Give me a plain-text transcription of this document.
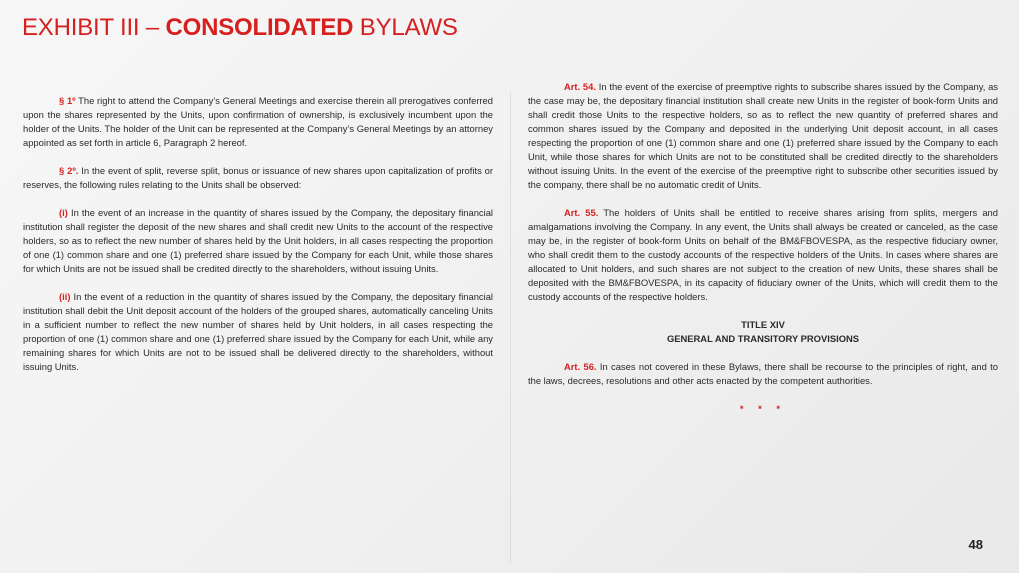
EXHIBIT III – CONSOLIDATED BYLAWS

§ 1º The right to attend the Company’s General Meetings and exercise therein all prerogatives conferred upon the shares represented by the Units, upon confirmation of ownership, is exclusively incumbent upon the holder of the Units. The holder of the Unit can be represented at the Company’s General Meetings by an attorney appointed as set forth in article 6, Paragraph 2 hereof.

§ 2º. In the event of split, reverse split, bonus or issuance of new shares upon capitalization of profits or reserves, the following rules relating to the Units shall be observed:

(i) In the event of an increase in the quantity of shares issued by the Company, the depositary financial institution shall register the deposit of the new shares and shall credit new Units to the account of the respective holders, so as to reflect the new number of shares held by the Unit holders, in all cases respecting the proportion of one (1) common share and one (1) preferred share issued by the Company for each Unit, while those shares for which Units are not be issued shall be credited directly to the shareholders, without issuing Units.

(ii) In the event of a reduction in the quantity of shares issued by the Company, the depositary financial institution shall debit the Unit deposit account of the holders of the grouped shares, automatically canceling Units in a sufficient number to reflect the new number of shares held by Unit holders, in all cases respecting the proportion of one (1) common share and one (1) preferred share issued by the Company for each Unit, while any remaining shares for which Units are not to be issued shall be delivered directly to the shareholders, without issuing Units.

Art. 54. In the event of the exercise of preemptive rights to subscribe shares issued by the Company, as the case may be, the depositary financial institution shall create new Units in the register of book-form Units and shall credit those Units to the respective holders, so as to reflect the new quantity of preferred shares and common shares issued by the Company and deposited in the underlying Unit deposit account, in all cases respecting the proportion of one (1) common share and one (1) preferred share issued by the Company to each Unit, while those shares for which Units are not to be constituted shall be credited directly to the shareholders without issuing Units. In the event of the exercise of the preemptive right to subscribe other securities issued by the company, there shall be no automatic credit of Units.

Art. 55. The holders of Units shall be entitled to receive shares arising from splits, mergers and amalgamations involving the Company. In any event, the Units shall always be created or canceled, as the case may be, in the register of book-form Units on behalf of the BM&FBOVESPA, as the respective fiduciary owner, who shall credit them to the custody accounts of the respective holders of the Units. In cases where shares are allocated to Unit holders, and such shares are not subject to the creation of new Units, these shares shall be deposited with the BM&FBOVESPA, in its capacity of fiduciary owner of the Units, which will credit them to the custody accounts of the respective holders.

TITLE XIV

GENERAL AND TRANSITORY PROVISIONS

Art. 56. In cases not covered in these Bylaws, there shall be recourse to the principles of right, and to the laws, decrees, resolutions and other acts enacted by the competent authorities.

* * *
48
